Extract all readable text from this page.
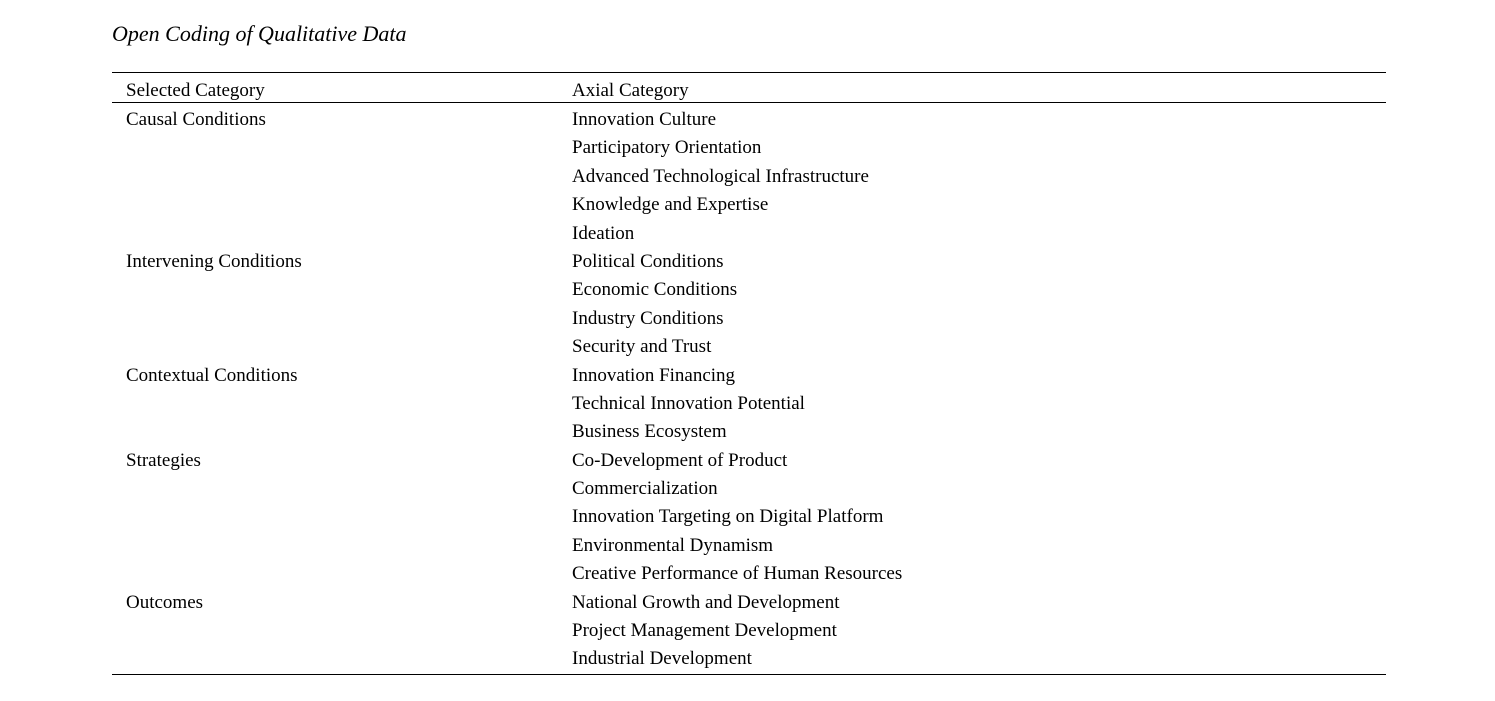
Open Coding of Qualitative Data
Selected Category	Axial Category
Causal Conditions	Innovation Culture
Participatory Orientation
Advanced Technological Infrastructure
Knowledge and Expertise
Ideation
Intervening Conditions	Political Conditions
Economic Conditions
Industry Conditions
Security and Trust
Contextual Conditions	Innovation Financing
Technical Innovation Potential
Business Ecosystem
Strategies	Co-Development of Product
Commercialization
Innovation Targeting on Digital Platform
Environmental Dynamism
Creative Performance of Human Resources
Outcomes	National Growth and Development
Project Management Development
Industrial Development
